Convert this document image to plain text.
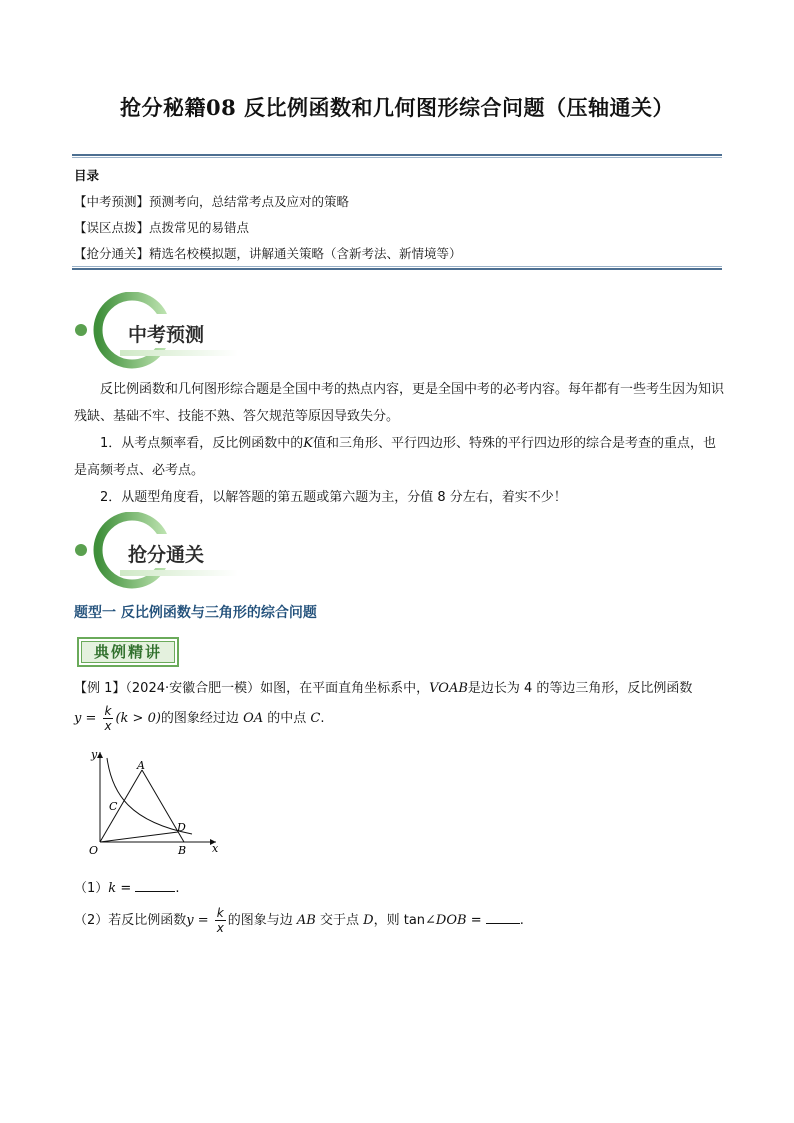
抢分秘籍08 反比例函数和几何图形综合问题（压轴通关）
目录
【中考预测】预测考向，总结常考点及应对的策略
【误区点拨】点拨常见的易错点
【抢分通关】精选名校模拟题，讲解通关策略（含新考法、新情境等）
中考预测
反比例函数和几何图形综合题是全国中考的热点内容，更是全国中考的必考内容。每年都有一些考生因为知识残缺、基础不牢、技能不熟、答欠规范等原因导致失分。
1．从考点频率看，反比例函数中的K值和三角形、平行四边形、特殊的平行四边形的综合是考查的重点，也是高频考点、必考点。
2．从题型角度看，以解答题的第五题或第六题为主，分值 8 分左右，着实不少！
抢分通关
题型一 反比例函数与三角形的综合问题
典例精讲
【例 1】（2024·安徽合肥一模）如图，在平面直角坐标系中，VOAB是边长为 4 的等边三角形，反比例函数
$y = \frac{k}{x} (k > 0)$的图象经过边 OA 的中点 C.
y
x
A
B
C
D
O
（1）k =	.
（2）若反比例函数$y = \frac{k}{x}$ 的图象与边 AB 交于点 D，则 tan∠DOB =	.
